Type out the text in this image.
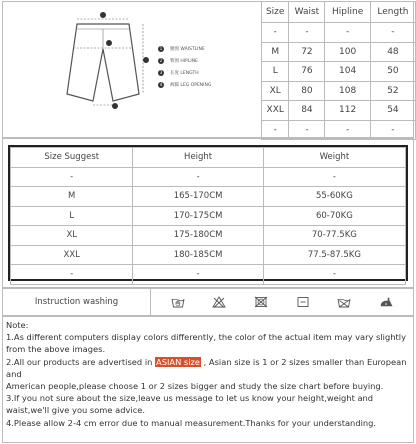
1	腰围 WAISTLINE
2	臀围 HIPLINE
3	长度 LENGTH
4	裤脚 LEG OPENING
Size	Waist	Hipline	Length
-	-	-	-
M	72	100	48
L	76	104	50
XL	80	108	52
XXL	84	112	54
-	-	-	-
Size Suggest	Height	Weight
-	-	-
M	165-170CM	55-60KG
L	170-175CM	60-70KG
XL	175-180CM	70-77.5KG
XXL	180-185CM	77.5-87.5KG
-	-	-
Instruction washing

Note:

1.As different computers display colors differently, the color of the actual item may vary slightly from the above images.

2.All our products are advertised in ASIAN size , Asian size is 1 or 2 sizes smaller than European and

American people,please choose 1 or 2 sizes bigger and study the size chart before buying.

3.If you not sure about the size,leave us message to let us know your height,weight and waist,we'll give you some advice.

4.Please allow 2-4 cm error due to manual measurement.Thanks for your understanding.
